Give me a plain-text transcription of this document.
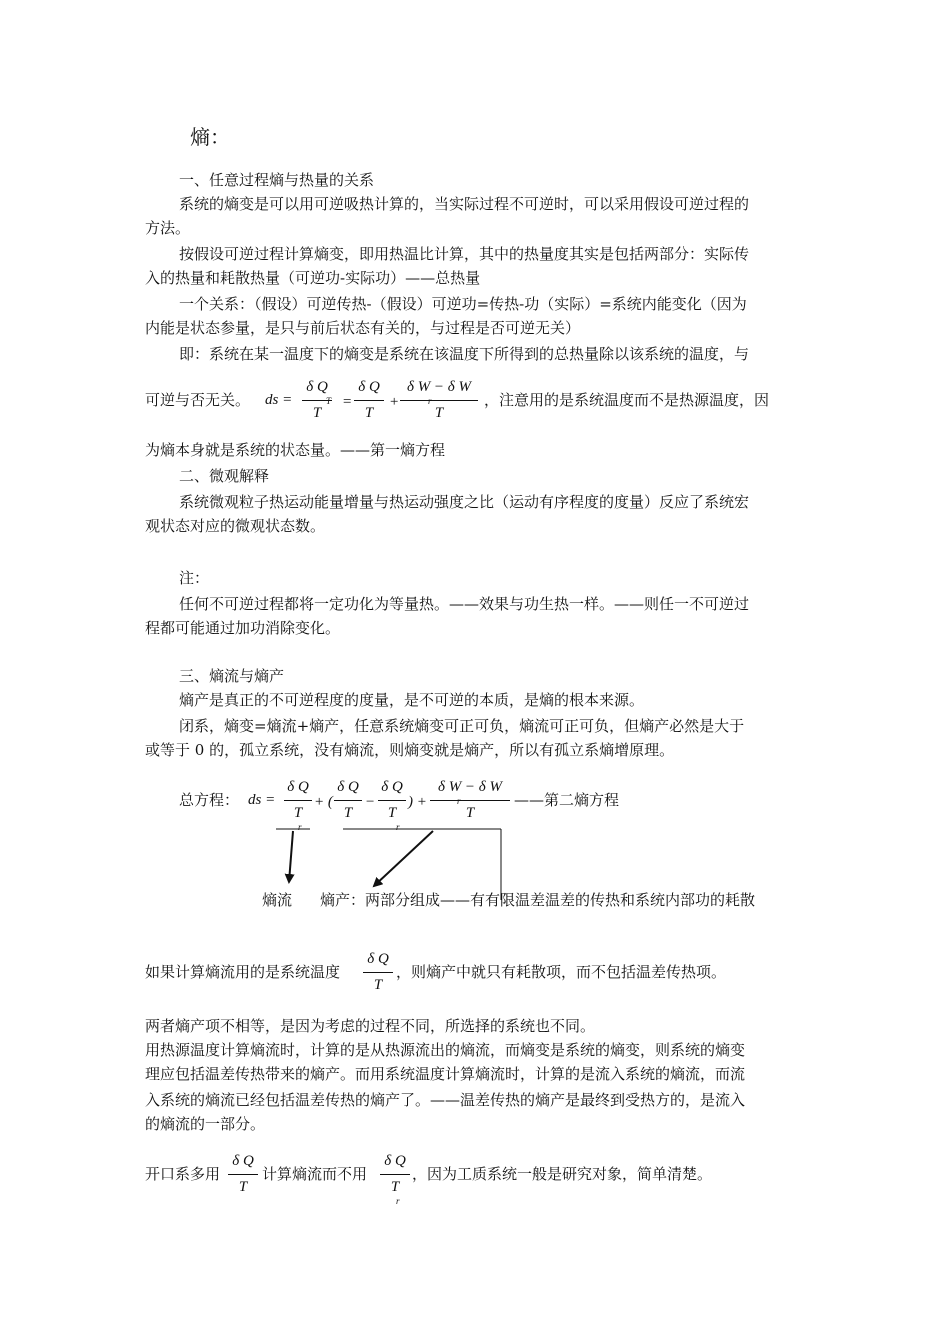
熵：
一、任意过程熵与热量的关系
系统的熵变是可以用可逆吸热计算的，当实际过程不可逆时，可以采用假设可逆过程的
方法。
按假设可逆过程计算熵变，即用热温比计算，其中的热量度其实是包括两部分：实际传
入的热量和耗散热量（可逆功-实际功）——总热量
一个关系：（假设）可逆传热-（假设）可逆功=传热-功（实际）=系统内能变化（因为
内能是状态参量，是只与前后状态有关的，与过程是否可逆无关）
即：系统在某一温度下的熵变是系统在该温度下所得到的总热量除以该系统的温度，与
可逆与否无关。 ds =
δ Q
T
T =
δ Q
T
+
δ W − δ W
T
r	，注意用的是系统温度而不是热源温度，因
为熵本身就是系统的状态量。——第一熵方程
二、微观解释
系统微观粒子热运动能量增量与热运动强度之比（运动有序程度的度量）反应了系统宏
观状态对应的微观状态数。
注：
任何不可逆过程都将一定功化为等量热。——效果与功生热一样。——则任一不可逆过
程都可能通过加功消除变化。
三、熵流与熵产
熵产是真正的不可逆程度的度量，是不可逆的本质，是熵的根本来源。
闭系，熵变=熵流+熵产，任意系统熵变可正可负，熵流可正可负，但熵产必然是大于
或等于 0 的，孤立系统，没有熵流，则熵变就是熵产，所以有孤立系熵增原理。
总方程： ds =
δ Q
T
r
+ (
δ Q
T
−
δ Q
T
r
) +
δ W − δ W
T
r	——第二熵方程
熵流 熵产：两部分组成——有有限温差温差的传热和系统内部功的耗散
如果计算熵流用的是系统温度
δ Q
T
，则熵产中就只有耗散项，而不包括温差传热项。
两者熵产项不相等，是因为考虑的过程不同，所选择的系统也不同。
用热源温度计算熵流时，计算的是从热源流出的熵流，而熵变是系统的熵变，则系统的熵变
理应包括温差传热带来的熵产。而用系统温度计算熵流时，计算的是流入系统的熵流，而流
入系统的熵流已经包括温差传热的熵产了。——温差传热的熵产是最终到受热方的，是流入
的熵流的一部分。
开口系多用
δ Q
T
计算熵流而不用
δ Q
T
r
，因为工质系统一般是研究对象，简单清楚。
